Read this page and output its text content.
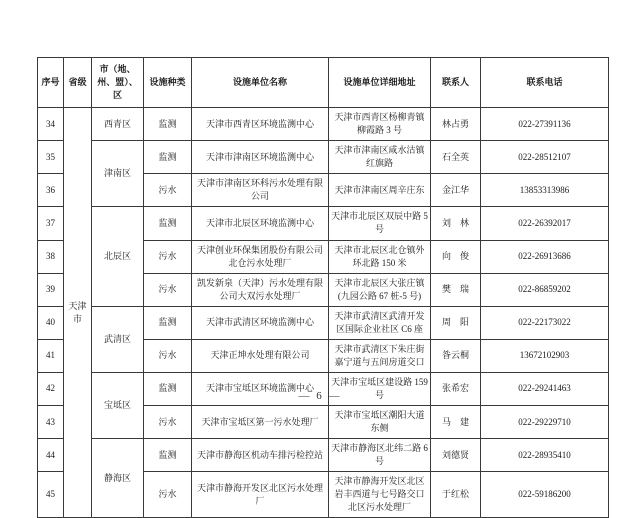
序号	省级	市（地、州、盟）、区	设施种类	设施单位名称	设施单位详细地址	联系人	联系电话
34	天津市	西青区	监测	天津市西青区环境监测中心	天津市西青区杨柳青镇柳霞路 3 号	林占勇	022-27391136
35		津南区	监测	天津市津南区环境监测中心	天津市津南区咸水沽镇红旗路	石全英	022-28512107
36			污水	天津市津南区环科污水处理有限公司	天津市津南区周辛庄东	金江华	13853313986
37		北辰区	监测	天津市北辰区环境监测中心	天津市北辰区双辰中路 5 号	刘　林	022-26392017
38			污水	天津创业环保集团股份有限公司北仓污水处理厂	天津市北辰区北仓镇外环北路 150 米	向　俊	022-26913686
39			污水	凯发新泉（天津）污水处理有限公司大双污水处理厂	天津市北辰区大张庄镇(九园公路 67 桩-5 号)	樊　瑞	022-86859202
40		武清区	监测	天津市武清区环境监测中心	天津市武清区武清开发区国际企业社区 C6 座	周　阳	022-22173022
41			污水	天津正坤水处理有限公司	天津市武清区下朱庄街嘉宁道与五间房道交口	昝云桐	13672102903
42		宝坻区	监测	天津市宝坻区环境监测中心	天津市宝坻区建设路 159 号	张希宏	022-29241463
43			污水	天津市宝坻区第一污水处理厂	天津市宝坻区潮阳大道东侧	马　建	022-29229710
44		静海区	监测	天津市静海区机动车排污检控站	天津市静海区北纬二路 6 号	刘德贤	022-28935410
45			污水	天津市静海开发区北区污水处理厂	天津市静海开发区北区岩丰西道与七号路交口北区污水处理厂	于红松	022-59186200
— 6 —
